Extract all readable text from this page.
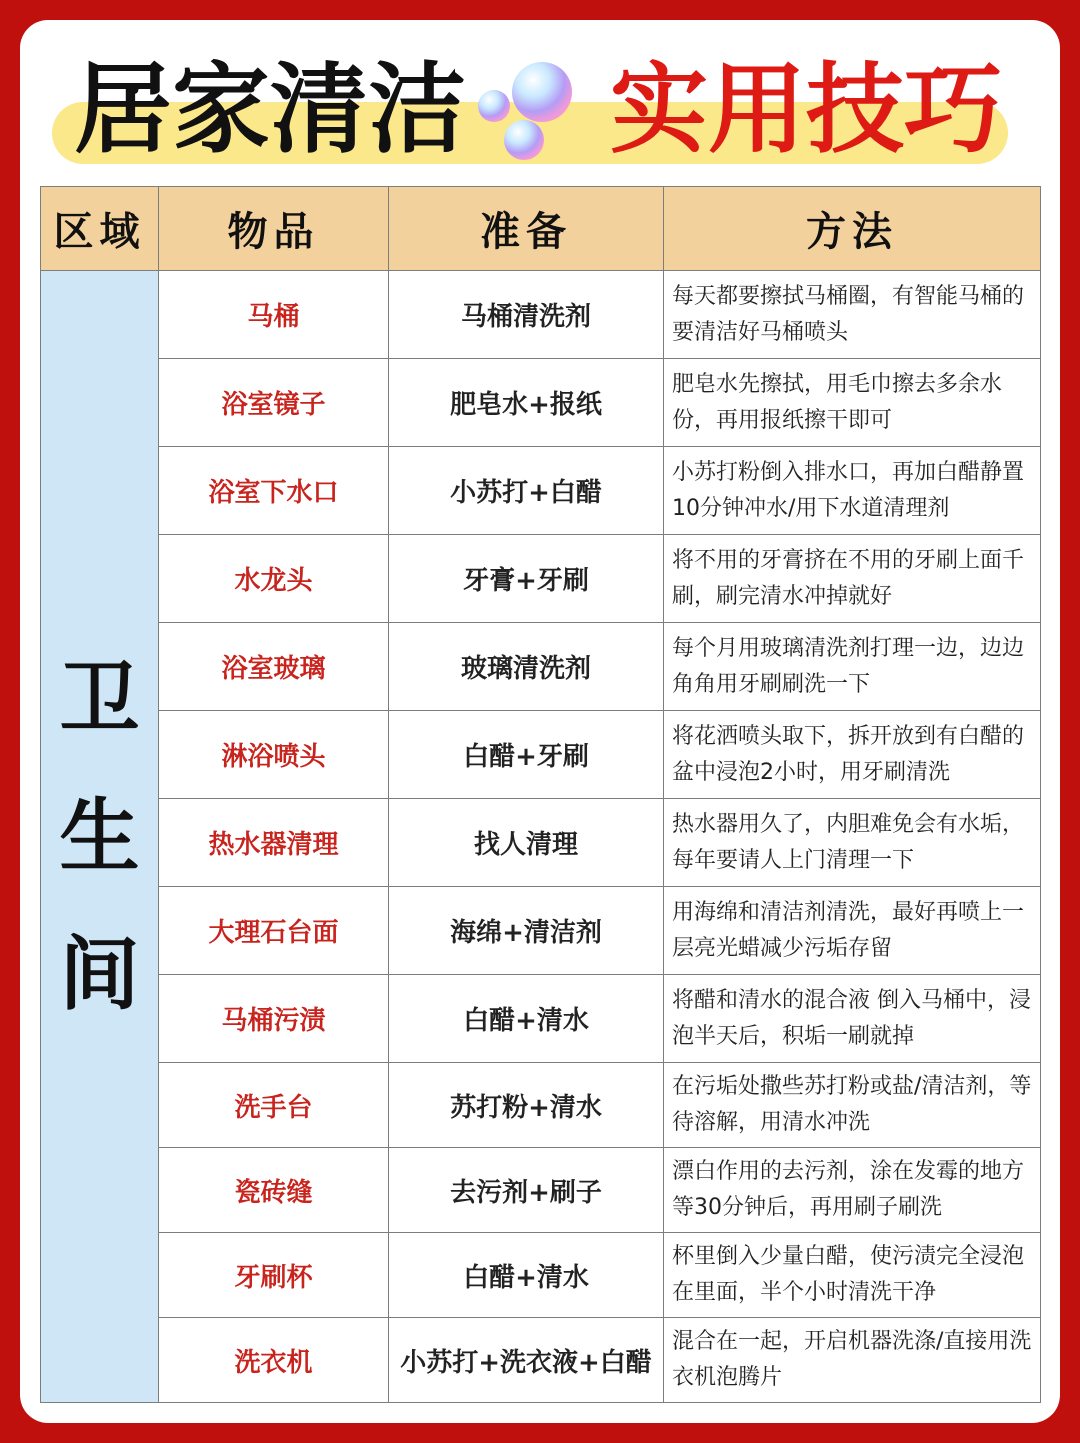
居家清洁 实用技巧
区域	物品	准备	方法
卫生间	马桶	马桶清洗剂	每天都要擦拭马桶圈，有智能马桶的要清洁好马桶喷头
	浴室镜子	肥皂水+报纸	肥皂水先擦拭，用毛巾擦去多余水份，再用报纸擦干即可
	浴室下水口	小苏打+白醋	小苏打粉倒入排水口，再加白醋静置10分钟冲水/用下水道清理剂
	水龙头	牙膏+牙刷	将不用的牙膏挤在不用的牙刷上面千刷，刷完清水冲掉就好
	浴室玻璃	玻璃清洗剂	每个月用玻璃清洗剂打理一边，边边角角用牙刷刷洗一下
	淋浴喷头	白醋+牙刷	将花洒喷头取下，拆开放到有白醋的盆中浸泡2小时，用牙刷清洗
	热水器清理	找人清理	热水器用久了，内胆难免会有水垢，每年要请人上门清理一下
	大理石台面	海绵+清洁剂	用海绵和清洁剂清洗，最好再喷上一层亮光蜡减少污垢存留
	马桶污渍	白醋+清水	将醋和清水的混合液 倒入马桶中，浸泡半天后，积垢一刷就掉
	洗手台	苏打粉+清水	在污垢处撒些苏打粉或盐/清洁剂，等待溶解，用清水冲洗
	瓷砖缝	去污剂+刷子	漂白作用的去污剂，涂在发霉的地方等30分钟后，再用刷子刷洗
	牙刷杯	白醋+清水	杯里倒入少量白醋，使污渍完全浸泡在里面，半个小时清洗干净
	洗衣机	小苏打+洗衣液+白醋	混合在一起，开启机器洗涤/直接用洗衣机泡腾片
